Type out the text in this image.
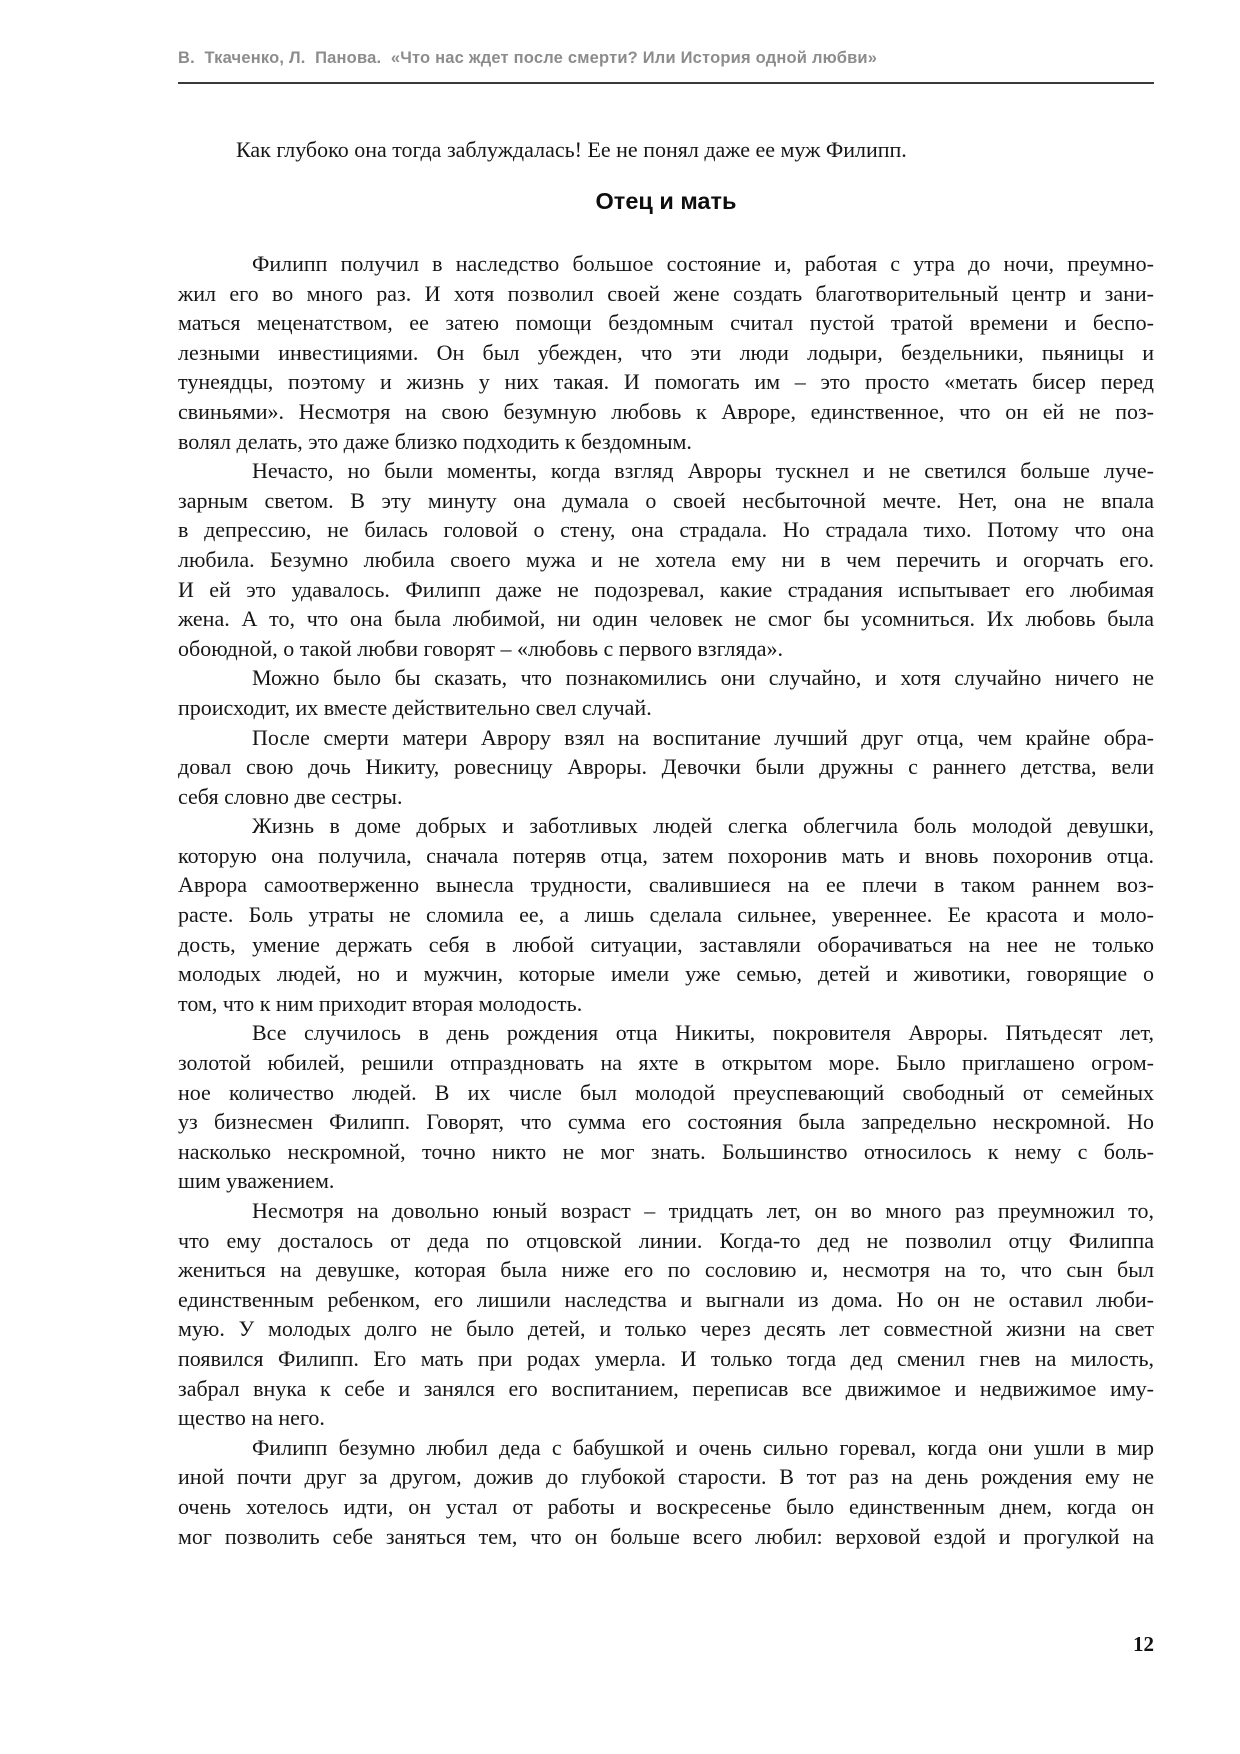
В.  Ткаченко, Л.  Панова.  «Что нас ждет после смерти? Или История одной любви»

Как глубоко она тогда заблуждалась! Ее не понял даже ее муж Филипп.

Отец и мать

Филипп получил в наследство большое состояние и, работая с утра до ночи, преумно-
жил его во много раз. И хотя позволил своей жене создать благотворительный центр и зани-
маться меценатством, ее затею помощи бездомным считал пустой тратой времени и беспо-
лезными инвестициями. Он был убежден, что эти люди лодыри, бездельники, пьяницы и
тунеядцы, поэтому и жизнь у них такая. И помогать им – это просто «метать бисер перед
свиньями». Несмотря на свою безумную любовь к Авроре, единственное, что он ей не поз-
волял делать, это даже близко подходить к бездомным.

Нечасто, но были моменты, когда взгляд Авроры тускнел и не светился больше луче-
зарным светом. В эту минуту она думала о своей несбыточной мечте. Нет, она не впала
в депрессию, не билась головой о стену, она страдала. Но страдала тихо. Потому что она
любила. Безумно любила своего мужа и не хотела ему ни в чем перечить и огорчать его.
И ей это удавалось. Филипп даже не подозревал, какие страдания испытывает его любимая
жена. А то, что она была любимой, ни один человек не смог бы усомниться. Их любовь была
обоюдной, о такой любви говорят – «любовь с первого взгляда».

Можно было бы сказать, что познакомились они случайно, и хотя случайно ничего не
происходит, их вместе действительно свел случай.

После смерти матери Аврору взял на воспитание лучший друг отца, чем крайне обра-
довал свою дочь Никиту, ровесницу Авроры. Девочки были дружны с раннего детства, вели
себя словно две сестры.

Жизнь в доме добрых и заботливых людей слегка облегчила боль молодой девушки,
которую она получила, сначала потеряв отца, затем похоронив мать и вновь похоронив отца.
Аврора самоотверженно вынесла трудности, свалившиеся на ее плечи в таком раннем воз-
расте. Боль утраты не сломила ее, а лишь сделала сильнее, увереннее. Ее красота и моло-
дость, умение держать себя в любой ситуации, заставляли оборачиваться на нее не только
молодых людей, но и мужчин, которые имели уже семью, детей и животики, говорящие о
том, что к ним приходит вторая молодость.

Все случилось в день рождения отца Никиты, покровителя Авроры. Пятьдесят лет,
золотой юбилей, решили отпраздновать на яхте в открытом море. Было приглашено огром-
ное количество людей. В их числе был молодой преуспевающий свободный от семейных
уз бизнесмен Филипп. Говорят, что сумма его состояния была запредельно нескромной. Но
насколько нескромной, точно никто не мог знать. Большинство относилось к нему с боль-
шим уважением.

Несмотря на довольно юный возраст – тридцать лет, он во много раз преумножил то,
что ему досталось от деда по отцовской линии. Когда-то дед не позволил отцу Филиппа
жениться на девушке, которая была ниже его по сословию и, несмотря на то, что сын был
единственным ребенком, его лишили наследства и выгнали из дома. Но он не оставил люби-
мую. У молодых долго не было детей, и только через десять лет совместной жизни на свет
появился Филипп. Его мать при родах умерла. И только тогда дед сменил гнев на милость,
забрал внука к себе и занялся его воспитанием, переписав все движимое и недвижимое иму-
щество на него.

Филипп безумно любил деда с бабушкой и очень сильно горевал, когда они ушли в мир
иной почти друг за другом, дожив до глубокой старости. В тот раз на день рождения ему не
очень хотелось идти, он устал от работы и воскресенье было единственным днем, когда он
мог позволить себе заняться тем, что он больше всего любил: верховой ездой и прогулкой на

12
